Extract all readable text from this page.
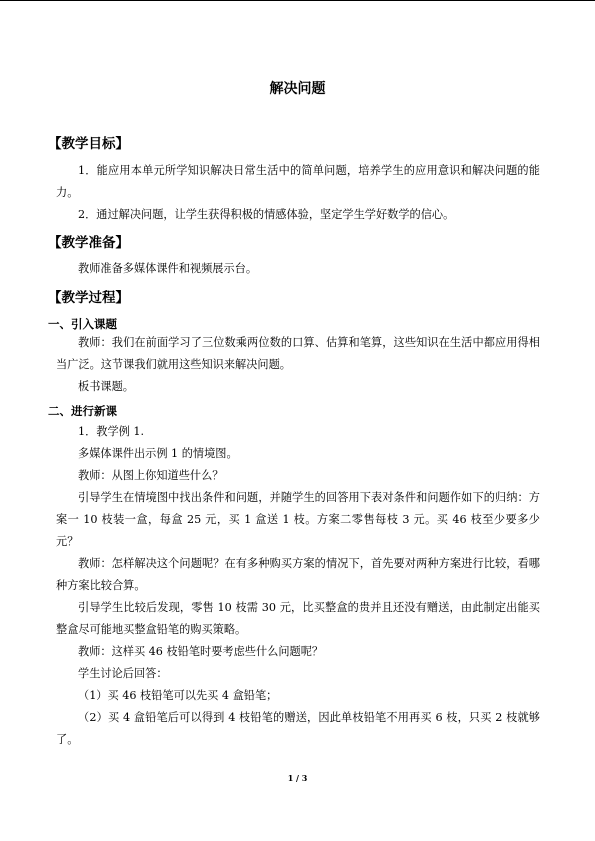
解决问题
【教学目标】
1．能应用本单元所学知识解决日常生活中的简单问题，培养学生的应用意识和解决问题的能力。
2．通过解决问题，让学生获得积极的情感体验，坚定学生学好数学的信心。
【教学准备】
教师准备多媒体课件和视频展示台。
【教学过程】
一、引入课题
教师：我们在前面学习了三位数乘两位数的口算、估算和笔算，这些知识在生活中都应用得相当广泛。这节课我们就用这些知识来解决问题。
板书课题。
二、进行新课
1．教学例 1.
多媒体课件出示例 1 的情境图。
教师：从图上你知道些什么？
引导学生在情境图中找出条件和问题，并随学生的回答用下表对条件和问题作如下的归纳：方案一 10 枝装一盒，每盒 25 元，买 1 盒送 1 枝。方案二零售每枝 3 元。买 46 枝至少要多少元？
教师：怎样解决这个问题呢？在有多种购买方案的情况下，首先要对两种方案进行比较，看哪种方案比较合算。
引导学生比较后发现，零售 10 枝需 30 元，比买整盒的贵并且还没有赠送，由此制定出能买整盒尽可能地买整盒铅笔的购买策略。
教师：这样买 46 枝铅笔时要考虑些什么问题呢？
学生讨论后回答：
（1）买 46 枝铅笔可以先买 4 盒铅笔；
（2）买 4 盒铅笔后可以得到 4 枝铅笔的赠送，因此单枝铅笔不用再买 6 枝，只买 2 枝就够了。
1 / 3
